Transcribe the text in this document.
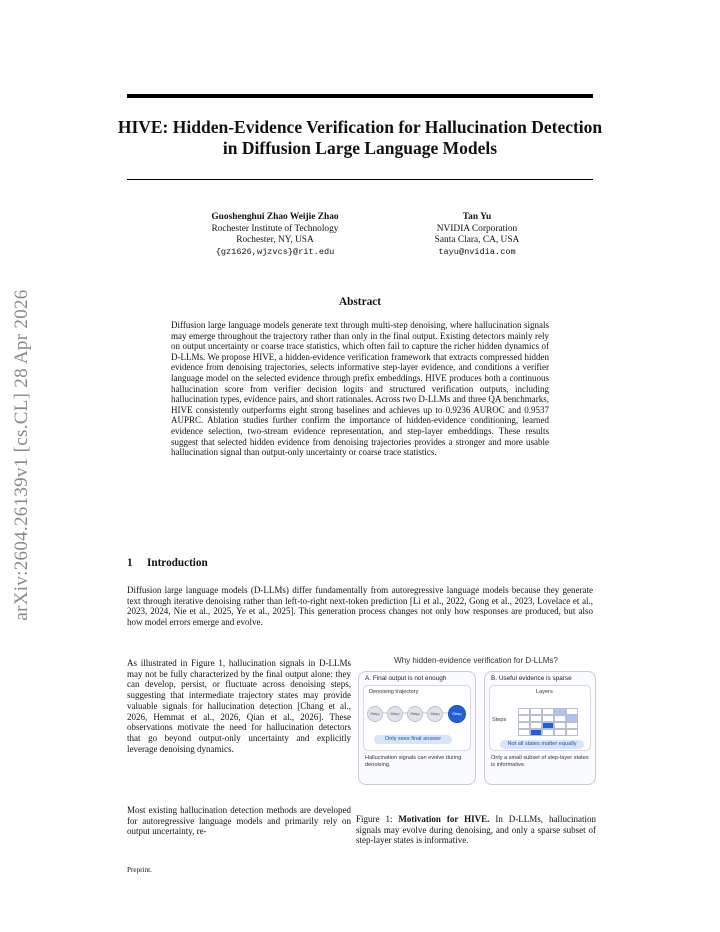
arXiv:2604.26139v1 [cs.CL] 28 Apr 2026
HIVE: Hidden-Evidence Verification for Hallucination Detection in Diffusion Large Language Models
Guoshenghui Zhao Weijie Zhao
Rochester Institute of Technology
Rochester, NY, USA
{gz1626,wjzvcs}@rit.edu
Tan Yu
NVIDIA Corporation
Santa Clara, CA, USA
tayu@nvidia.com
Abstract
Diffusion large language models generate text through multi-step denoising, where hallucination signals may emerge throughout the trajectory rather than only in the final output. Existing detectors mainly rely on output uncertainty or coarse trace statistics, which often fail to capture the richer hidden dynamics of D-LLMs. We propose HIVE, a hidden-evidence verification framework that extracts compressed hidden evidence from denoising trajectories, selects informative step-layer evidence, and conditions a verifier language model on the selected evidence through prefix embeddings. HIVE produces both a continuous hallucination score from verifier decision logits and structured verification outputs, including hallucination types, evidence pairs, and short rationales. Across two D-LLMs and three QA benchmarks, HIVE consistently outperforms eight strong baselines and achieves up to 0.9236 AUROC and 0.9537 AUPRC. Ablation studies further confirm the importance of hidden-evidence conditioning, learned evidence selection, two-stream evidence representation, and step-layer embeddings. These results suggest that selected hidden evidence from denoising trajectories provides a stronger and more usable hallucination signal than output-only uncertainty or coarse trace statistics.
1 Introduction
Diffusion large language models (D-LLMs) differ fundamentally from autoregressive language models because they generate text through iterative denoising rather than left-to-right next-token prediction [Li et al., 2022, Gong et al., 2023, Lovelace et al., 2023, 2024, Nie et al., 2025, Ye et al., 2025]. This generation process changes not only how responses are produced, but also how model errors emerge and evolve.
As illustrated in Figure 1, hallucination signals in D-LLMs may not be fully characterized by the final output alone: they can develop, persist, or fluctuate across denoising steps, suggesting that intermediate trajectory states may provide valuable signals for hallucination detection [Chang et al., 2026, Hemmat et al., 2026, Qian et al., 2026]. These observations motivate the need for hallucination detectors that go beyond output-only uncertainty and explicitly leverage denoising dynamics.
Most existing hallucination detection methods are developed for autoregressive language models and primarily rely on output uncertainty, re-
Why hidden-evidence verification for D-LLMs?
A. Final output is not enough
Denoising trajectory
Step₁	Step₂	Step₃	Step₄	Step₅
Only sees final answer
Hallucination signals can evolve during denoising.
B. Useful evidence is sparse
Layers
Steps
Not all states matter equally
Only a small subset of step-layer states is informative.
Figure 1: Motivation for HIVE. In D-LLMs, hallucination signals may evolve during denoising, and only a sparse subset of step-layer states is informative.
Preprint.
